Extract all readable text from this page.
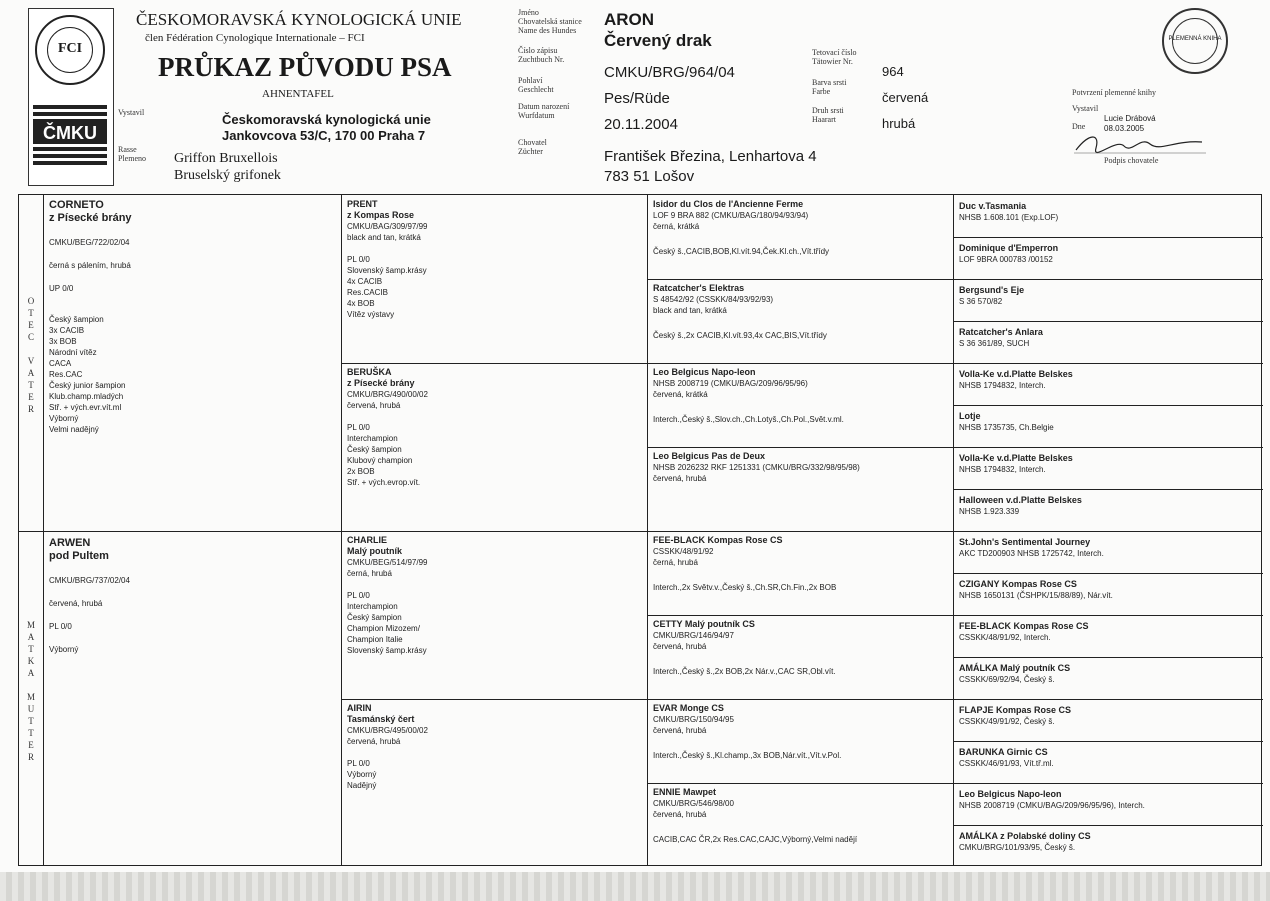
FCI
ČMKU
ČESKOMORAVSKÁ KYNOLOGICKÁ UNIE
člen Fédération Cynologique Internationale – FCI
PRŮKAZ PŮVODU PSA
AHNENTAFEL
Vystavil	Českomoravská kynologická unie
Jankovcova 53/C, 170 00 Praha 7
Rasse
Plemeno Griffon Bruxellois
Bruselský grifonek
Jméno
Chovatelská stanice
Name des Hundes
Číslo zápisu
Zuchtbuch Nr.
Pohlaví
Geschlecht
Datum narození
Wurfdatum
Chovatel
Züchter
ARON
Červený drak
CMKU/BRG/964/04
Pes/Rüde
20.11.2004
František Březina, Lenhartova 4
783 51 Lošov
Tetovací číslo
Tätowier Nr.
Barva srsti
Farbe
Druh srsti
Haarart
964
červená
hrubá
PLEMENNÁ KNIHA
Potvrzení plemenné knihy
Vystavil
Dne
Lucie Drábová
08.03.2005
Podpis chovatele
O
T
E
C

V
A
T
E
R
M
A
T
K
A

M
U
T
T
E
R
CORNETO
z Písecké brány
CMKU/BEG/722/02/04
černá s pálením, hrubá
UP 0/0
Český šampion
3x CACIB
3x BOB
Národní vítěz
CACA
Res.CAC
Český junior šampion
Klub.champ.mladých
Stř. + vých.evr.vít.ml
Výborný
Velmi nadějný
ARWEN
pod Pultem
CMKU/BRG/737/02/04
červená, hrubá
PL 0/0
Výborný
PRENT
z Kompas Rose
CMKU/BAG/309/97/99
black and tan, krátká

PL 0/0
Slovenský šamp.krásy
4x CACIB
Res.CACIB
4x BOB
Vítěz výstavy
BERUŠKA
z Písecké brány
CMKU/BRG/490/00/02
červená, hrubá

PL 0/0
Interchampion
Český šampion
Klubový champion
2x BOB
Stř. + vých.evrop.vít.
CHARLIE
Malý poutník
CMKU/BEG/514/97/99
černá, hrubá

PL 0/0
Interchampion
Český šampion
Champion Mizozem/
Champion Italie
Slovenský šamp.krásy
AIRIN
Tasmánský čert
CMKU/BRG/495/00/02
červená, hrubá

PL 0/0
Výborný
Nadějný
Isidor du Clos de l'Ancienne Ferme
LOF 9 BRA 882 (CMKU/BAG/180/94/93/94)
černá, krátká
Český š.,CACIB,BOB,Kl.vít.94,Ček.Kl.ch.,Vít.třídy
Ratcatcher's Elektras
S 48542/92 (CSSKK/84/93/92/93)
black and tan, krátká
Český š.,2x CACIB,Kl.vít.93,4x CAC,BIS,Vít.třídy
Leo Belgicus Napo-leon
NHSB 2008719 (CMKU/BAG/209/96/95/96)
červená, krátká
Interch.,Český š.,Slov.ch.,Ch.Lotyš.,Ch.Pol.,Svět.v.ml.
Leo Belgicus Pas de Deux
NHSB 2026232 RKF 1251331 (CMKU/BRG/332/98/95/98)
červená, hrubá
FEE-BLACK Kompas Rose CS
CSSKK/48/91/92
černá, hrubá
Interch.,2x Světv.v.,Český š.,Ch.SR,Ch.Fin.,2x BOB
CETTY Malý poutník CS
CMKU/BRG/146/94/97
červená, hrubá
Interch.,Český š.,2x BOB,2x Nár.v.,CAC SR,Obl.vít.
EVAR Monge CS
CMKU/BRG/150/94/95
červená, hrubá
Interch.,Český š.,Kl.champ.,3x BOB,Nár.vít.,Vít.v.Pol.
ENNIE Mawpet
CMKU/BRG/546/98/00
červená, hrubá
CACIB,CAC ČR,2x Res.CAC,CAJC,Výborný,Velmi nadějí
Duc v.Tasmania
NHSB 1.608.101 (Exp.LOF)
Dominique d'Emperron
LOF 9BRA 000783 /00152
Bergsund's Eje
S 36 570/82
Ratcatcher's Anlara
S 36 361/89, SUCH
Volla-Ke v.d.Platte Belskes
NHSB 1794832, Interch.
Lotje
NHSB 1735735, Ch.Belgie
Volla-Ke v.d.Platte Belskes
NHSB 1794832, Interch.
Halloween v.d.Platte Belskes
NHSB 1.923.339
St.John's Sentimental Journey
AKC TD200903 NHSB 1725742, Interch.
CZIGANY Kompas Rose CS
NHSB 1650131 (ČSHPK/15/88/89), Nár.vít.
FEE-BLACK Kompas Rose CS
CSSKK/48/91/92, Interch.
AMÁLKA Malý poutník CS
CSSKK/69/92/94, Český š.
FLAPJE Kompas Rose CS
CSSKK/49/91/92, Český š.
BARUNKA Girnic CS
CSSKK/46/91/93, Vít.tř.ml.
Leo Belgicus Napo-leon
NHSB 2008719 (CMKU/BAG/209/96/95/96), Interch.
AMÁLKA z Polabské doliny CS
CMKU/BRG/101/93/95, Český š.
